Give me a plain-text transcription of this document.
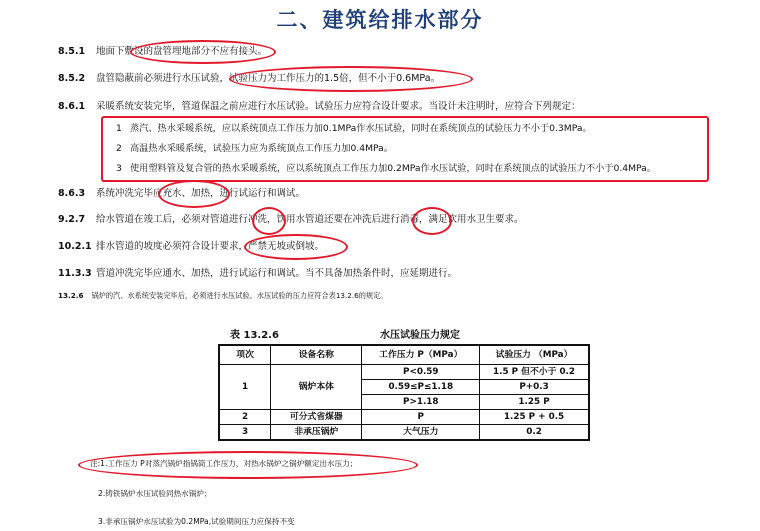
二、建筑给排水部分
8.5.1 地面下敷设的盘管埋地部分不应有接头。
8.5.2 盘管隐蔽前必须进行水压试验，试验压力为工作压力的1.5倍，但不小于0.6MPa。
8.6.1 采暖系统安装完毕，管道保温之前应进行水压试验。试验压力应符合设计要求。当设计未注明时，应符合下列规定：
1 蒸汽、热水采暖系统，应以系统顶点工作压力加0.1MPa作水压试验，同时在系统顶点的试验压力不小于0.3MPa。
2 高温热水采暖系统，试验压力应为系统顶点工作压力加0.4MPa。
3 使用塑料管及复合管的热水采暖系统，应以系统顶点工作压力加0.2MPa作水压试验，同时在系统顶点的试验压力不小于0.4MPa。
8.6.3 系统冲洗完毕应充水、加热，进行试运行和调试。
9.2.7 给水管道在竣工后，必须对管道进行冲洗，饮用水管道还要在冲洗后进行消毒，满足饮用水卫生要求。
10.2.1 排水管道的坡度必须符合设计要求，严禁无坡或倒坡。
11.3.3 管道冲洗完毕应通水、加热，进行试运行和调试。当不具备加热条件时，应延期进行。
13.2.6 锅炉的汽、水系统安装完毕后，必须进行水压试验。水压试验的压力应符合表13.2.6的规定。
表 13.2.6	水压试验压力规定
项次	设备名称	工作压力 P（MPa）	试验压力 （MPa）
1	锅炉本体	P<0.59	1.5 P 但不小于 0.2
		0.59≤P≤1.18	P+0.3
		P>1.18	1.25 P
2	可分式省煤器	P	1.25 P + 0.5
3	非承压锅炉	大气压力	0.2
注:1.工作压力 P对蒸汽锅炉指锅筒工作压力，对热水锅炉之锅炉额定出水压力；
2.铸铁锅炉水压试验同热水锅炉；
3.非承压锅炉水压试验为0.2MPa,试验期间压力应保持不变
